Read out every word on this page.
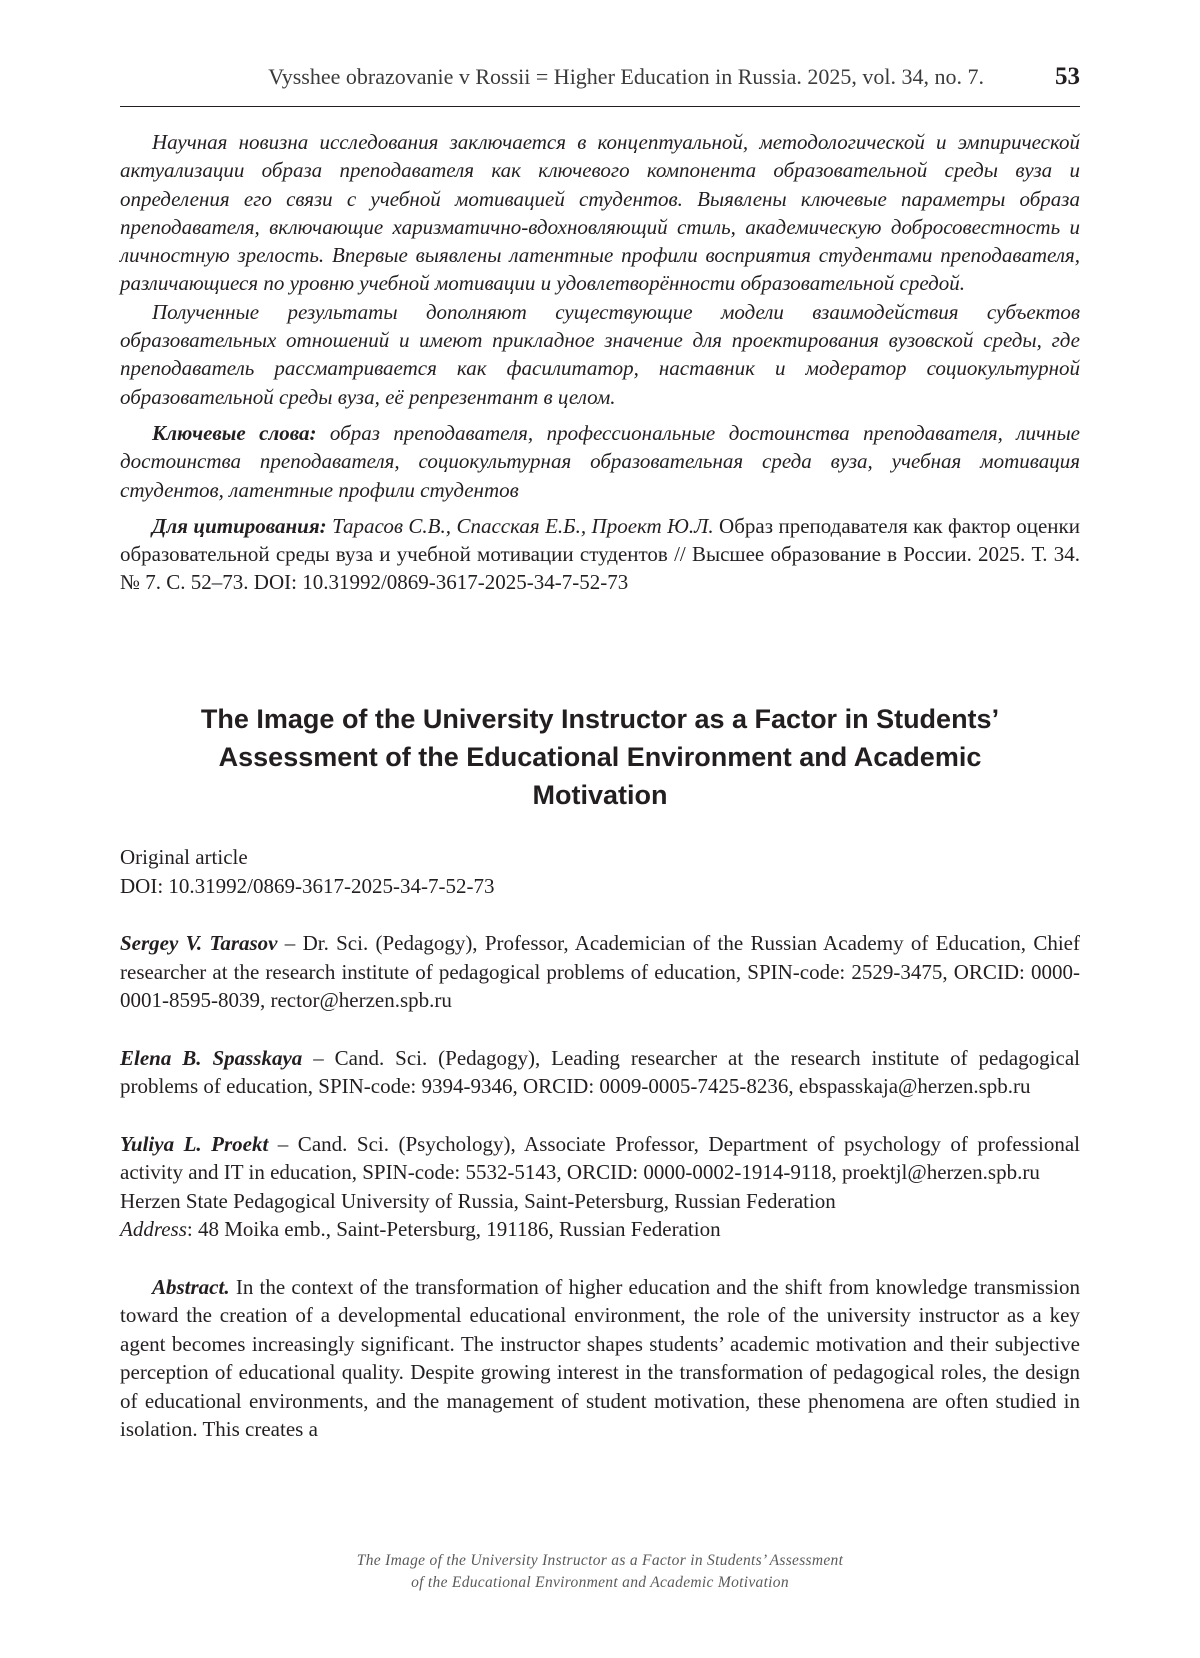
Vysshee obrazovanie v Rossii = Higher Education in Russia. 2025, vol. 34, no. 7.	53

Научная новизна исследования заключается в концептуальной, методологической и эмпирической актуализации образа преподавателя как ключевого компонента образовательной среды вуза и определения его связи с учебной мотивацией студентов. Выявлены ключевые параметры образа преподавателя, включающие харизматично-вдохновляющий стиль, академическую добросовестность и личностную зрелость. Впервые выявлены латентные профили восприятия студентами преподавателя, различающиеся по уровню учебной мотивации и удовлетворённости образовательной средой.

Полученные результаты дополняют существующие модели взаимодействия субъектов образовательных отношений и имеют прикладное значение для проектирования вузовской среды, где преподаватель рассматривается как фасилитатор, наставник и модератор социокультурной образовательной среды вуза, её репрезентант в целом.

Ключевые слова: образ преподавателя, профессиональные достоинства преподавателя, личные достоинства преподавателя, социокультурная образовательная среда вуза, учебная мотивация студентов, латентные профили студентов

Для цитирования: Тарасов С.В., Спасская Е.Б., Проект Ю.Л. Образ преподавателя как фактор оценки образовательной среды вуза и учебной мотивации студентов // Высшее образование в России. 2025. Т. 34. № 7. С. 52–73. DOI: 10.31992/0869-3617-2025-34-7-52-73

The Image of the University Instructor as a Factor in Students’
Assessment of the Educational Environment and Academic
Motivation

Original article

DOI: 10.31992/0869-3617-2025-34-7-52-73

Sergey V. Tarasov – Dr. Sci. (Pedagogy), Professor, Academician of the Russian Academy of Education, Chief researcher at the research institute of pedagogical problems of education, SPIN-code: 2529-3475, ORCID: 0000-0001-8595-8039, rector@herzen.spb.ru

Elena B. Spasskaya – Cand. Sci. (Pedagogy), Leading researcher at the research institute of pedagogical problems of education, SPIN-code: 9394-9346, ORCID: 0009-0005-7425-8236, ebspasskaja@herzen.spb.ru

Yuliya L. Proekt – Cand. Sci. (Psychology), Associate Professor, Department of psychology of professional activity and IT in education, SPIN-code: 5532-5143, ORCID: 0000-0002-1914-9118, proektjl@herzen.spb.ru

Herzen State Pedagogical University of Russia, Saint-Petersburg, Russian Federation

Address: 48 Moika emb., Saint-Petersburg, 191186, Russian Federation

Abstract. In the context of the transformation of higher education and the shift from knowledge transmission toward the creation of a developmental educational environment, the role of the university instructor as a key agent becomes increasingly significant. The instructor shapes students’ academic motivation and their subjective perception of educational quality. Despite growing interest in the transformation of pedagogical roles, the design of educational environments, and the management of student motivation, these phenomena are often studied in isolation. This creates a

The Image of the University Instructor as a Factor in Students’ Assessment
of the Educational Environment and Academic Motivation
